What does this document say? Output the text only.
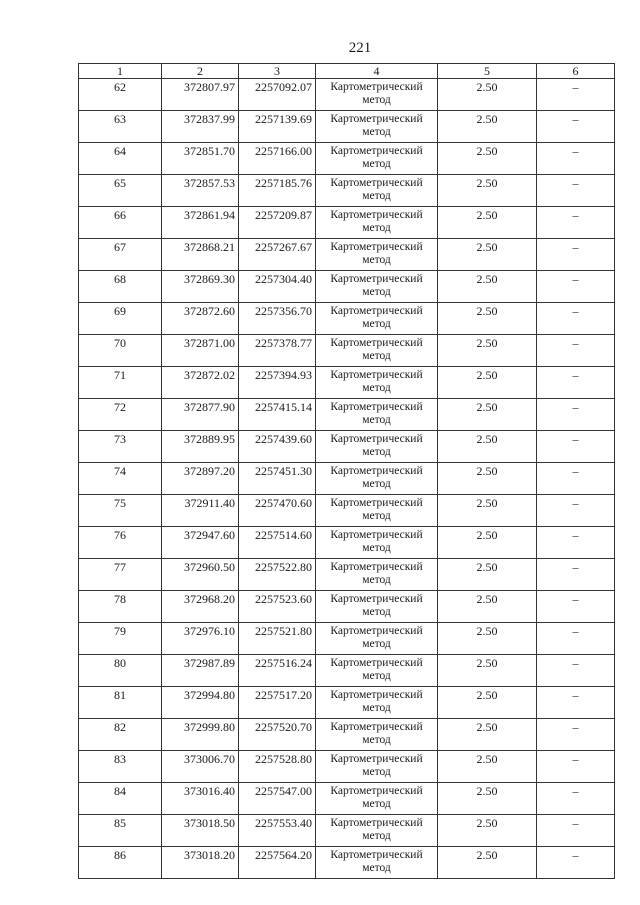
221
1	2	3	4	5	6
62	372807.97	2257092.07	Картометрический метод	2.50	–
63	372837.99	2257139.69	Картометрический метод	2.50	–
64	372851.70	2257166.00	Картометрический метод	2.50	–
65	372857.53	2257185.76	Картометрический метод	2.50	–
66	372861.94	2257209.87	Картометрический метод	2.50	–
67	372868.21	2257267.67	Картометрический метод	2.50	–
68	372869.30	2257304.40	Картометрический метод	2.50	–
69	372872.60	2257356.70	Картометрический метод	2.50	–
70	372871.00	2257378.77	Картометрический метод	2.50	–
71	372872.02	2257394.93	Картометрический метод	2.50	–
72	372877.90	2257415.14	Картометрический метод	2.50	–
73	372889.95	2257439.60	Картометрический метод	2.50	–
74	372897.20	2257451.30	Картометрический метод	2.50	–
75	372911.40	2257470.60	Картометрический метод	2.50	–
76	372947.60	2257514.60	Картометрический метод	2.50	–
77	372960.50	2257522.80	Картометрический метод	2.50	–
78	372968.20	2257523.60	Картометрический метод	2.50	–
79	372976.10	2257521.80	Картометрический метод	2.50	–
80	372987.89	2257516.24	Картометрический метод	2.50	–
81	372994.80	2257517.20	Картометрический метод	2.50	–
82	372999.80	2257520.70	Картометрический метод	2.50	–
83	373006.70	2257528.80	Картометрический метод	2.50	–
84	373016.40	2257547.00	Картометрический метод	2.50	–
85	373018.50	2257553.40	Картометрический метод	2.50	–
86	373018.20	2257564.20	Картометрический метод	2.50	–
